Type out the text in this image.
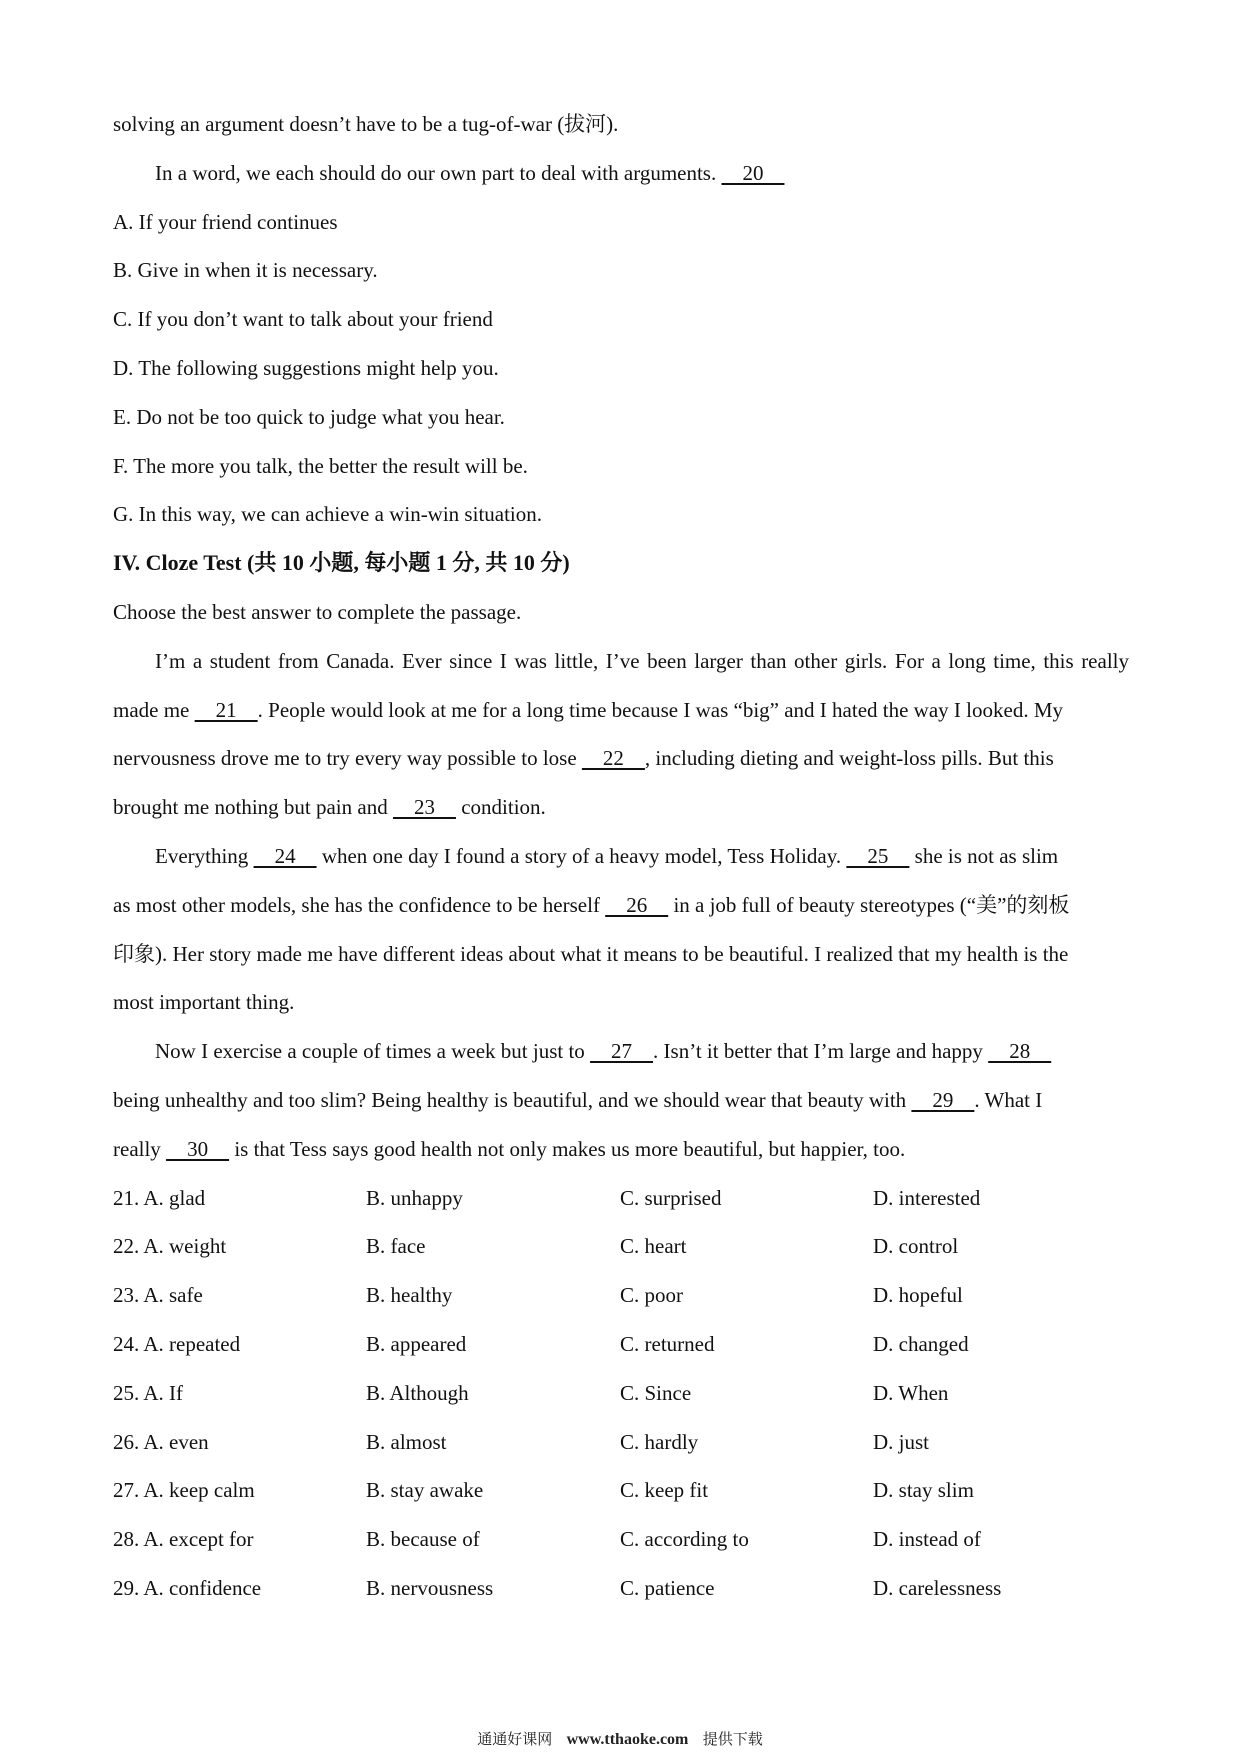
solving an argument doesn’t have to be a tug-of-war (拔河).
In a word, we each should do our own part to deal with arguments.     20
A. If your friend continues
B. Give in when it is necessary.
C. If you don’t want to talk about your friend
D. The following suggestions might help you.
E. Do not be too quick to judge what you hear.
F. The more you talk, the better the result will be.
G. In this way, we can achieve a win-win situation.
IV. Cloze Test (共 10 小题, 每小题 1 分, 共 10 分)
Choose the best answer to complete the passage.
I’m a student from Canada. Ever since I was little, I’ve been larger than other girls. For a long time, this really
made me     21    . People would look at me for a long time because I was “big” and I hated the way I looked. My
nervousness drove me to try every way possible to lose     22    , including dieting and weight-loss pills. But this
brought me nothing but pain and     23     condition.
Everything     24     when one day I found a story of a heavy model, Tess Holiday.     25     she is not as slim
as most other models, she has the confidence to be herself     26     in a job full of beauty stereotypes (“美”的刻板
印象). Her story made me have different ideas about what it means to be beautiful. I realized that my health is the
most important thing.
Now I exercise a couple of times a week but just to     27    . Isn’t it better that I’m large and happy     28
being unhealthy and too slim? Being healthy is beautiful, and we should wear that beauty with     29    . What I
really     30     is that Tess says good health not only makes us more beautiful, but happier, too.
21. A. glad	B. unhappy	C. surprised	D. interested
22. A. weight	B. face	C. heart	D. control
23. A. safe	B. healthy	C. poor	D. hopeful
24. A. repeated	B. appeared	C. returned	D. changed
25. A. If	B. Although	C. Since	D. When
26. A. even	B. almost	C. hardly	D. just
27. A. keep calm	B. stay awake	C. keep fit	D. stay slim
28. A. except for	B. because of	C. according to	D. instead of
29. A. confidence	B. nervousness	C. patience	D. carelessness
通通好课网 www.tthaoke.com 提供下载
